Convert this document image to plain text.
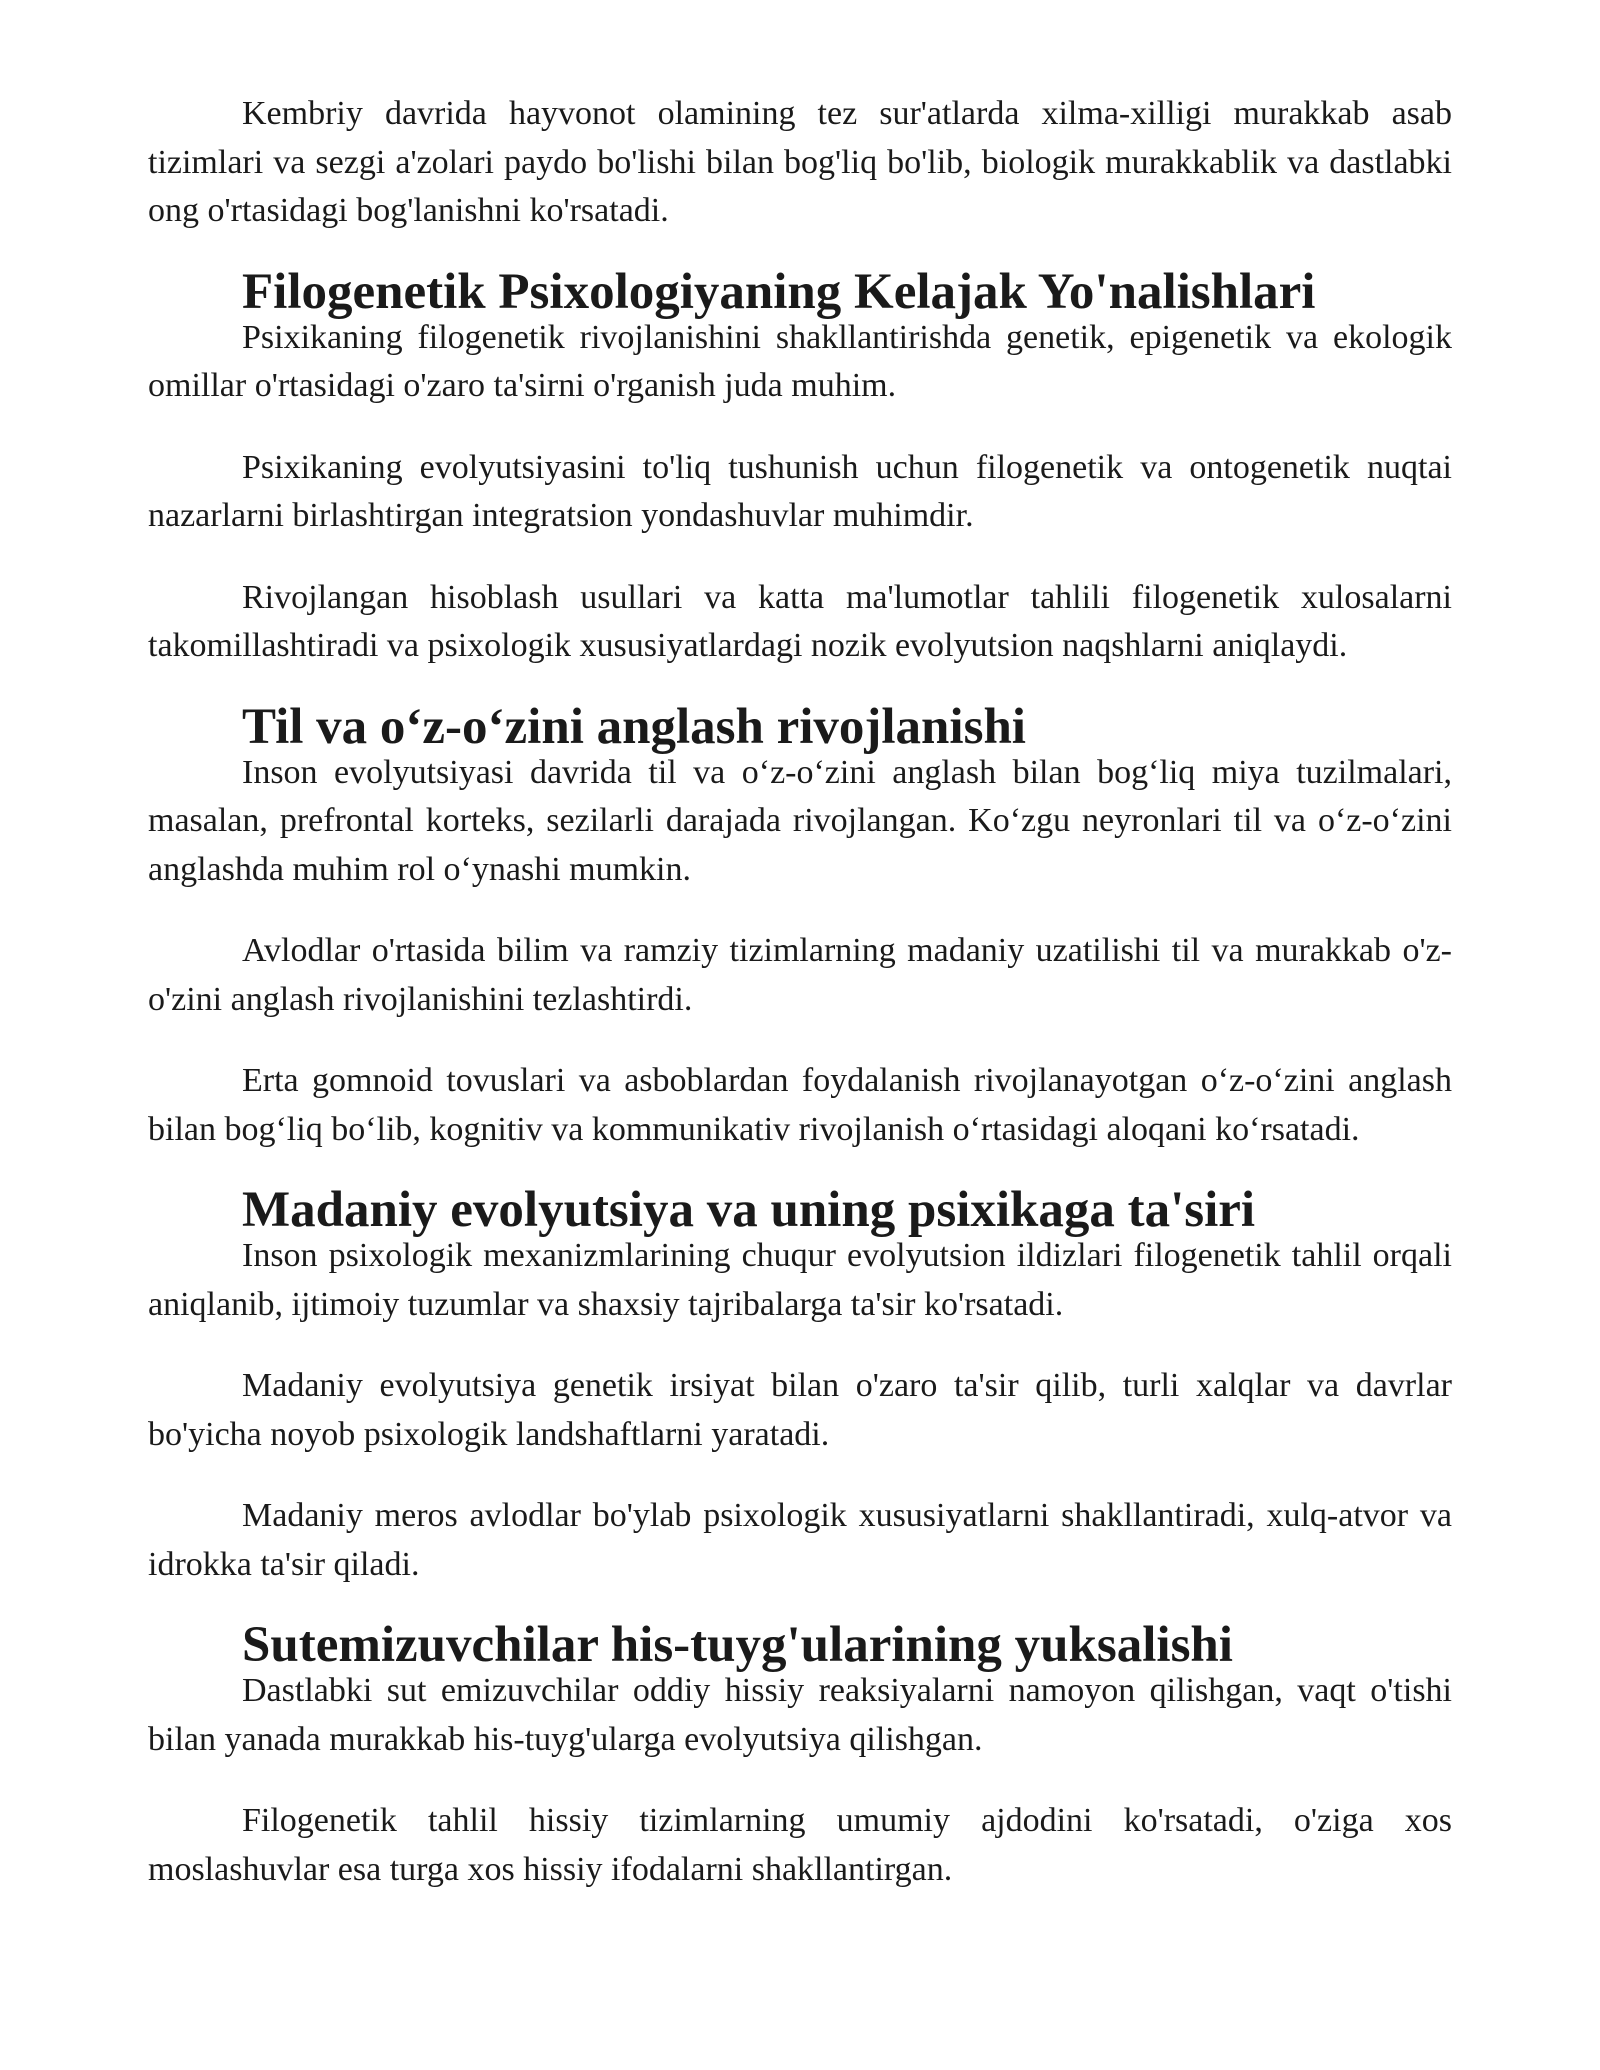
Kembriy davrida hayvonot olamining tez sur'atlarda xilma-xilligi murakkab asab tizimlari va sezgi a'zolari paydo bo'lishi bilan bog'liq bo'lib, biologik murakkablik va dastlabki ong o'rtasidagi bog'lanishni ko'rsatadi.

Filogenetik Psixologiyaning Kelajak Yo'nalishlari

Psixikaning filogenetik rivojlanishini shakllantirishda genetik, epigenetik va ekologik omillar o'rtasidagi o'zaro ta'sirni o'rganish juda muhim.

Psixikaning evolyutsiyasini to'liq tushunish uchun filogenetik va ontogenetik nuqtai nazarlarni birlashtirgan integratsion yondashuvlar muhimdir.

Rivojlangan hisoblash usullari va katta ma'lumotlar tahlili filogenetik xulosalarni takomillashtiradi va psixologik xususiyatlardagi nozik evolyutsion naqshlarni aniqlaydi.

Til va o‘z-o‘zini anglash rivojlanishi

Inson evolyutsiyasi davrida til va o‘z-o‘zini anglash bilan bog‘liq miya tuzilmalari, masalan, prefrontal korteks, sezilarli darajada rivojlangan. Ko‘zgu neyronlari til va o‘z-o‘zini anglashda muhim rol o‘ynashi mumkin.

Avlodlar o'rtasida bilim va ramziy tizimlarning madaniy uzatilishi til va murakkab o'z-o'zini anglash rivojlanishini tezlashtirdi.

Erta gomnoid tovuslari va asboblardan foydalanish rivojlanayotgan o‘z-o‘zini anglash bilan bog‘liq bo‘lib, kognitiv va kommunikativ rivojlanish o‘rtasidagi aloqani ko‘rsatadi.

Madaniy evolyutsiya va uning psixikaga ta'siri

Inson psixologik mexanizmlarining chuqur evolyutsion ildizlari filogenetik tahlil orqali aniqlanib, ijtimoiy tuzumlar va shaxsiy tajribalarga ta'sir ko'rsatadi.

Madaniy evolyutsiya genetik irsiyat bilan o'zaro ta'sir qilib, turli xalqlar va davrlar bo'yicha noyob psixologik landshaftlarni yaratadi.

Madaniy meros avlodlar bo'ylab psixologik xususiyatlarni shakllantiradi, xulq-atvor va idrokka ta'sir qiladi.

Sutemizuvchilar his-tuyg'ularining yuksalishi

Dastlabki sut emizuvchilar oddiy hissiy reaksiyalarni namoyon qilishgan, vaqt o'tishi bilan yanada murakkab his-tuyg'ularga evolyutsiya qilishgan.

Filogenetik tahlil hissiy tizimlarning umumiy ajdodini ko'rsatadi, o'ziga xos moslashuvlar esa turga xos hissiy ifodalarni shakllantirgan.
